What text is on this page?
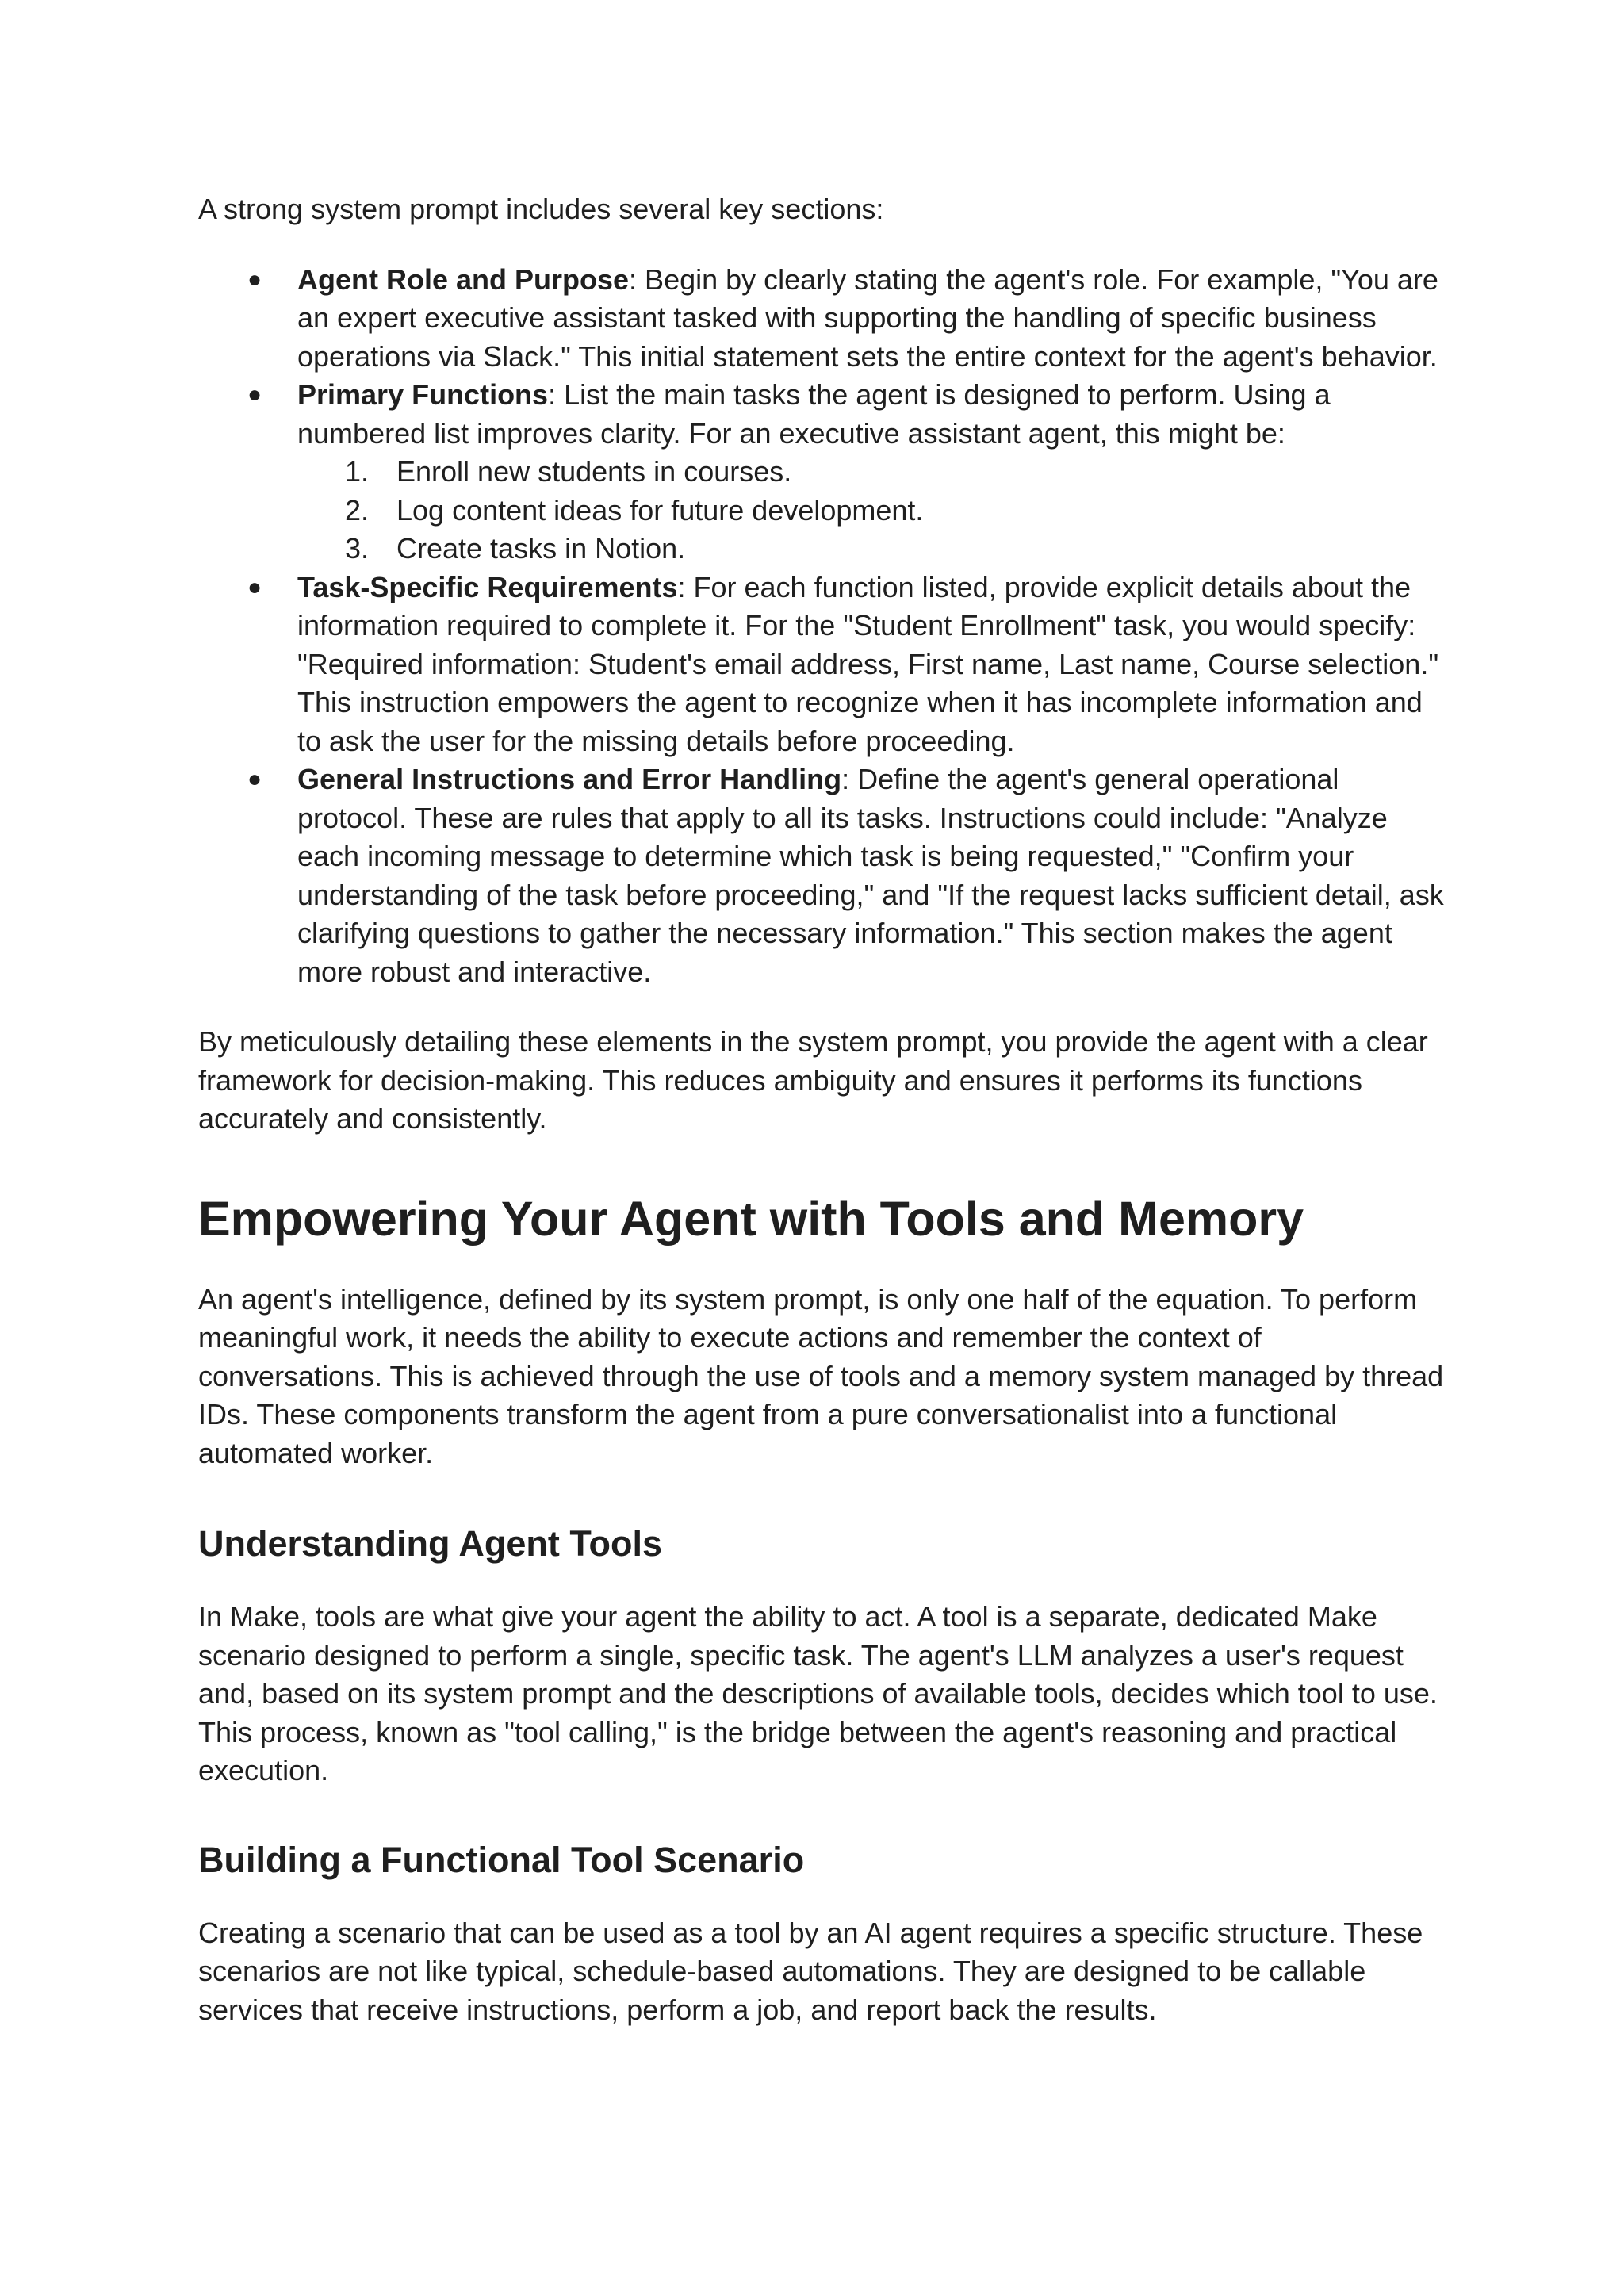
A strong system prompt includes several key sections:

● Agent Role and Purpose: Begin by clearly stating the agent's role. For example, "You are an expert executive assistant tasked with supporting the handling of specific business operations via Slack." This initial statement sets the entire context for the agent's behavior.
● Primary Functions: List the main tasks the agent is designed to perform. Using a numbered list improves clarity. For an executive assistant agent, this might be:
1. Enroll new students in courses.
2. Log content ideas for future development.
3. Create tasks in Notion.
● Task-Specific Requirements: For each function listed, provide explicit details about the information required to complete it. For the "Student Enrollment" task, you would specify: "Required information: Student's email address, First name, Last name, Course selection." This instruction empowers the agent to recognize when it has incomplete information and to ask the user for the missing details before proceeding.
● General Instructions and Error Handling: Define the agent's general operational protocol. These are rules that apply to all its tasks. Instructions could include: "Analyze each incoming message to determine which task is being requested," "Confirm your understanding of the task before proceeding," and "If the request lacks sufficient detail, ask clarifying questions to gather the necessary information." This section makes the agent more robust and interactive.

By meticulously detailing these elements in the system prompt, you provide the agent with a clear framework for decision-making. This reduces ambiguity and ensures it performs its functions accurately and consistently.

Empowering Your Agent with Tools and Memory

An agent's intelligence, defined by its system prompt, is only one half of the equation. To perform meaningful work, it needs the ability to execute actions and remember the context of conversations. This is achieved through the use of tools and a memory system managed by thread IDs. These components transform the agent from a pure conversationalist into a functional automated worker.

Understanding Agent Tools

In Make, tools are what give your agent the ability to act. A tool is a separate, dedicated Make scenario designed to perform a single, specific task. The agent's LLM analyzes a user's request and, based on its system prompt and the descriptions of available tools, decides which tool to use. This process, known as "tool calling," is the bridge between the agent's reasoning and practical execution.

Building a Functional Tool Scenario

Creating a scenario that can be used as a tool by an AI agent requires a specific structure. These scenarios are not like typical, schedule-based automations. They are designed to be callable services that receive instructions, perform a job, and report back the results.
